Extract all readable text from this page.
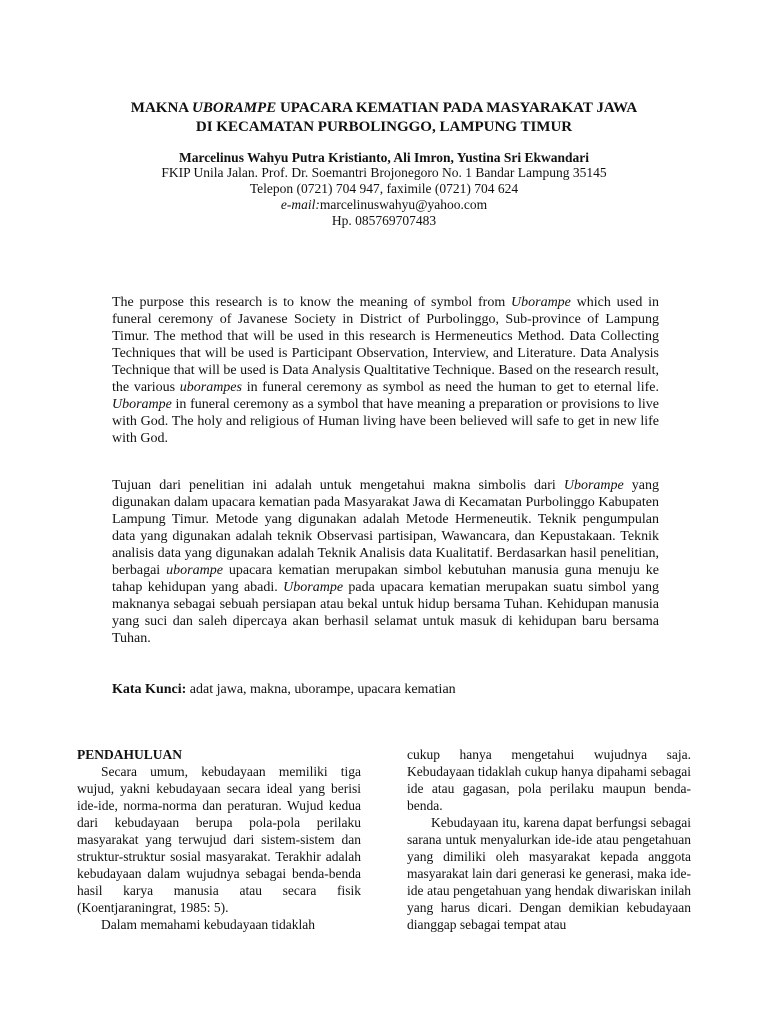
MAKNA UBORAMPE UPACARA KEMATIAN PADA MASYARAKAT JAWA
DI KECAMATAN PURBOLINGGO, LAMPUNG TIMUR
Marcelinus Wahyu Putra Kristianto, Ali Imron, Yustina Sri Ekwandari
FKIP Unila Jalan. Prof. Dr. Soemantri Brojonegoro No. 1 Bandar Lampung 35145
Telepon (0721) 704 947, faximile (0721) 704 624
e-mail:marcelinuswahyu@yahoo.com
Hp. 085769707483

The purpose this research is to know the meaning of symbol from Uborampe which used in funeral ceremony of Javanese Society in District of Purbolinggo, Sub-province of Lampung Timur. The method that will be used in this research is Hermeneutics Method. Data Collecting Techniques that will be used is Participant Observation, Interview, and Literature. Data Analysis Technique that will be used is Data Analysis Qualtitative Technique. Based on the research result, the various uborampes in funeral ceremony as symbol as need the human to get to eternal life. Uborampe in funeral ceremony as a symbol that have meaning a preparation or provisions to live with God. The holy and religious of Human living have been believed will safe to get in new life with God.

Tujuan dari penelitian ini adalah untuk mengetahui makna simbolis dari Uborampe yang digunakan dalam upacara kematian pada Masyarakat Jawa di Kecamatan Purbolinggo Kabupaten Lampung Timur. Metode yang digunakan adalah Metode Hermeneutik. Teknik pengumpulan data yang digunakan adalah teknik Observasi partisipan, Wawancara, dan Kepustakaan. Teknik analisis data yang digunakan adalah Teknik Analisis data Kualitatif. Berdasarkan hasil penelitian, berbagai uborampe upacara kematian merupakan simbol kebutuhan manusia guna menuju ke tahap kehidupan yang abadi. Uborampe pada upacara kematian merupakan suatu simbol yang maknanya sebagai sebuah persiapan atau bekal untuk hidup bersama Tuhan. Kehidupan manusia yang suci dan saleh dipercaya akan berhasil selamat untuk masuk di kehidupan baru bersama Tuhan.

Kata Kunci: adat jawa, makna, uborampe, upacara kematian

PENDAHULUAN

Secara umum, kebudayaan memiliki tiga wujud, yakni kebudayaan secara ideal yang berisi ide-ide, norma-norma dan peraturan. Wujud kedua dari kebudayaan berupa pola-pola perilaku masyarakat yang terwujud dari sistem-sistem dan struktur-struktur sosial masyarakat. Terakhir adalah kebudayaan dalam wujudnya sebagai benda-benda hasil karya manusia atau secara fisik (Koentjaraningrat, 1985: 5).

Dalam memahami kebudayaan tidaklah

cukup hanya mengetahui wujudnya saja. Kebudayaan tidaklah cukup hanya dipahami sebagai ide atau gagasan, pola perilaku maupun benda-benda.

Kebudayaan itu, karena dapat berfungsi sebagai sarana untuk menyalurkan ide-ide atau pengetahuan yang dimiliki oleh masyarakat kepada anggota masyarakat lain dari generasi ke generasi, maka ide-ide atau pengetahuan yang hendak diwariskan inilah yang harus dicari. Dengan demikian kebudayaan dianggap sebagai tempat atau
